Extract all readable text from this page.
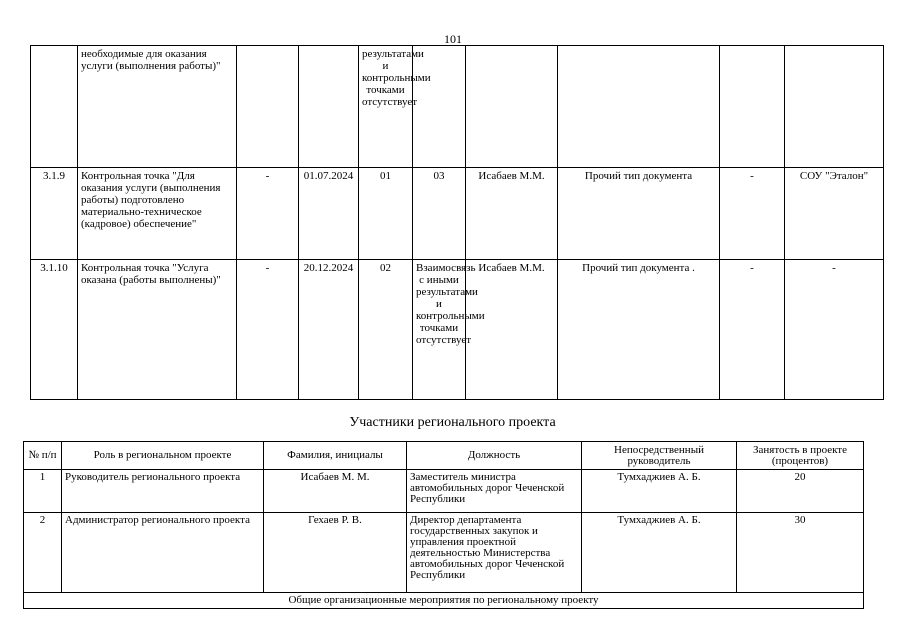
101

	необходимые для оказания услуги (выполнения работы)"			результатами и контрольными точками отсутствует					

3.1.9	Контрольная точка "Для оказания услуги (выполнения работы) подготовлено материально-техническое (кадровое) обеспечение"	-	01.07.2024	01	03	Исабаев М.М.	Прочий тип документа	-	СОУ "Эталон"
3.1.10	Контрольная точка "Услуга оказана (работы выполнены)"	-	20.12.2024	02	Взаимосвязь с иными результатами и контрольными точками отсутствует	Исабаев М.М.	Прочий тип документа .	-	-
Участники регионального проекта
№ п/п	Роль в региональном проекте	Фамилия, инициалы	Должность	Непосредственный руководитель	Занятость в проекте (процентов)
1	Руководитель регионального проекта	Исабаев М. М.	Заместитель министра автомобильных дорог Чеченской Республики	Тумхаджиев А. Б.	20
2	Администратор регионального проекта	Гехаев Р. В.	Директор департамента государственных закупок и управления проектной деятельностью Министерства автомобильных дорог Чеченской Республики	Тумхаджиев А. Б.	30
Общие организационные мероприятия по региональному проекту					
